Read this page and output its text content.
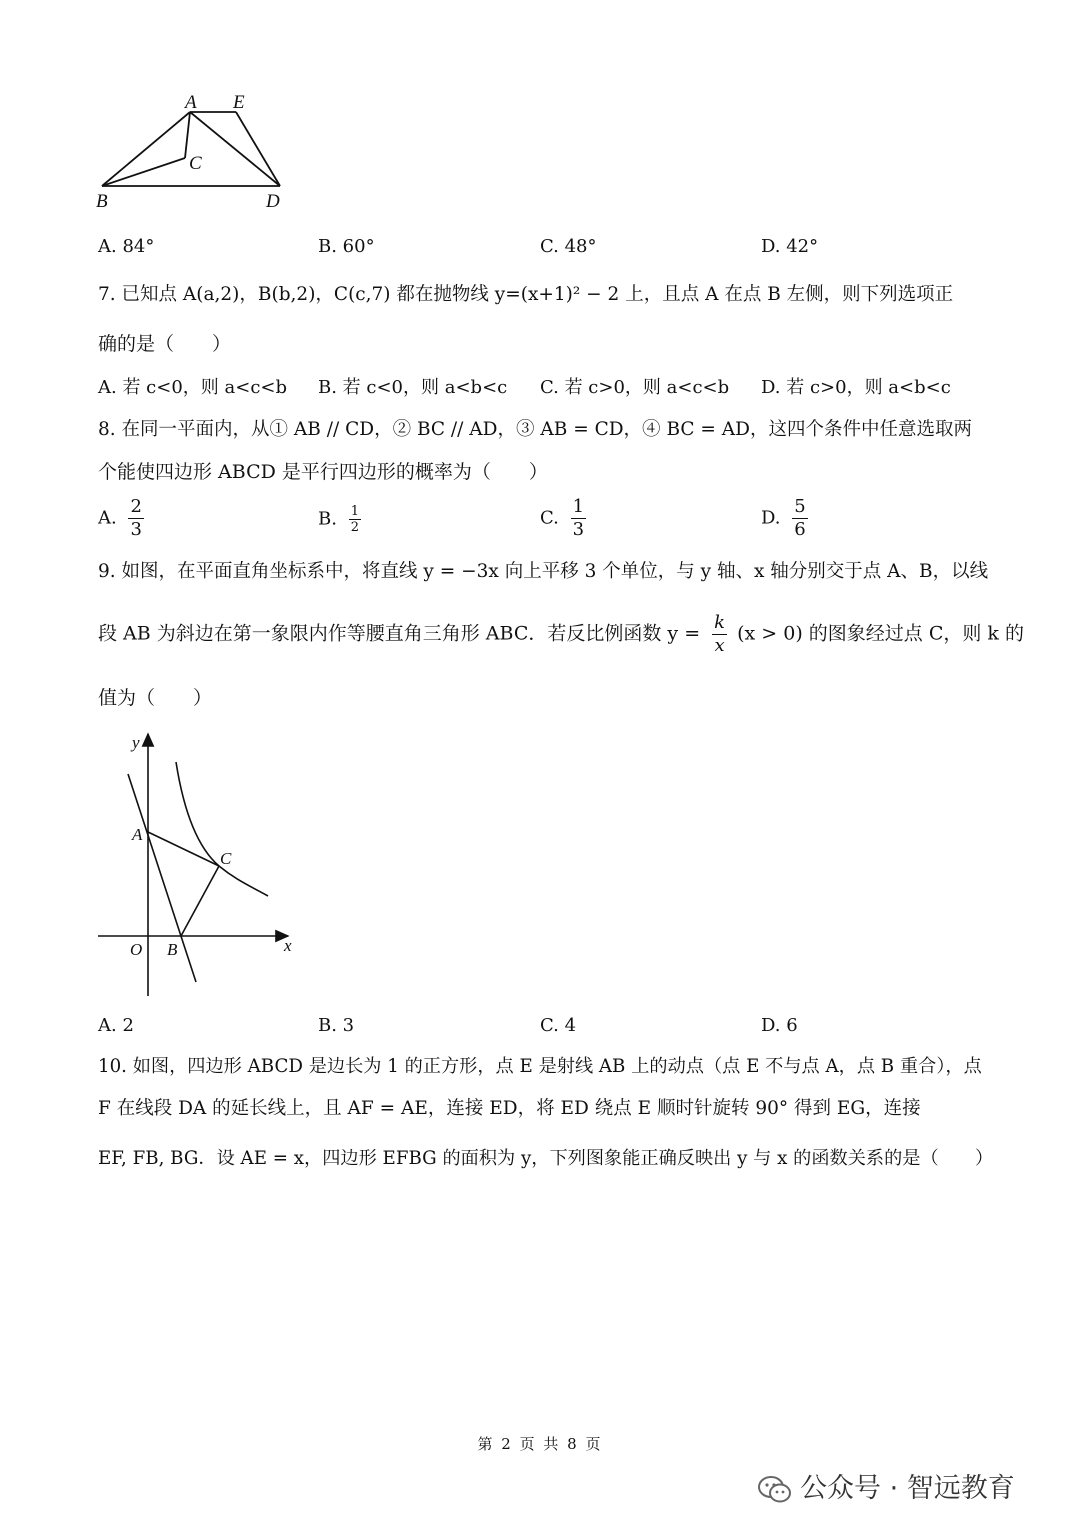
A E
C
B	D
A. 84°	B. 60°	C. 48°	D. 42°
7. 已知点 A(a,2)，B(b,2)，C(c,7) 都在抛物线 y=(x+1)² − 2 上，且点 A 在点 B 左侧，则下列选项正
确的是（　　）
A. 若 c<0，则 a<c<b B. 若 c<0，则 a<b<c C. 若 c>0，则 a<c<b D. 若 c>0，则 a<b<c
8. 在同一平面内，从① AB // CD，② BC // AD，③ AB = CD，④ BC = AD，这四个条件中任意选取两
个能使四边形 ABCD 是平行四边形的概率为（　　）
A. $\frac{2}{3}$	B. $\frac{1}{2}$	C. $\frac{1}{3}$	D. $\frac{5}{6}$
9. 如图，在平面直角坐标系中，将直线 y = −3x 向上平移 3 个单位，与 y 轴、x 轴分别交于点 A、B，以线
段 AB 为斜边在第一象限内作等腰直角三角形 ABC．若反比例函数 $y = \frac{k}{x} (x > 0)$ 的图象经过点 C，则 k 的
值为（　　）
y
A
C
O B	x
A. 2	B. 3	C. 4	D. 6
10. 如图，四边形 ABCD 是边长为 1 的正方形，点 E 是射线 AB 上的动点（点 E 不与点 A，点 B 重合），点
F 在线段 DA 的延长线上，且 AF = AE，连接 ED，将 ED 绕点 E 顺时针旋转 90° 得到 EG，连接
EF, FB, BG．设 AE = x，四边形 EFBG 的面积为 y，下列图象能正确反映出 y 与 x 的函数关系的是（　　）
第 2 页 共 8 页
公众号 · 智远教育
